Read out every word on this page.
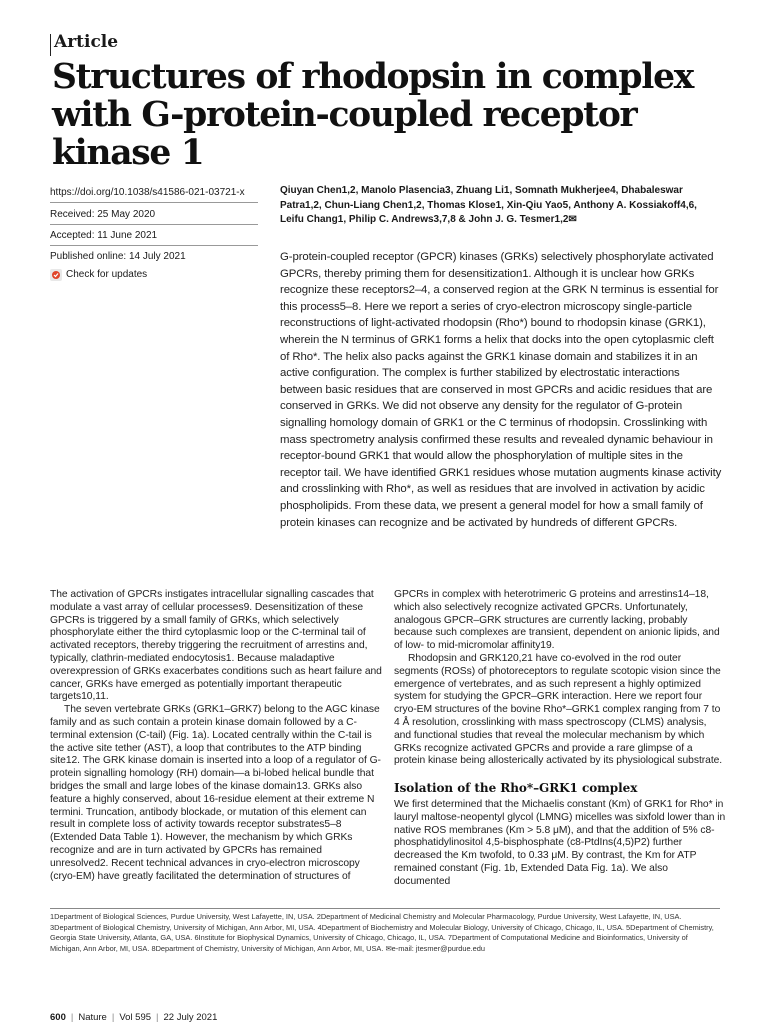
Article
Structures of rhodopsin in complex with G-protein-coupled receptor kinase 1
https://doi.org/10.1038/s41586-021-03721-x
Received: 25 May 2020
Accepted: 11 June 2021
Published online: 14 July 2021
Check for updates

Qiuyan Chen1,2, Manolo Plasencia3, Zhuang Li1, Somnath Mukherjee4, Dhabaleswar Patra1,2, Chun-Liang Chen1,2, Thomas Klose1, Xin-Qiu Yao5, Anthony A. Kossiakoff4,6, Leifu Chang1, Philip C. Andrews3,7,8 & John J. G. Tesmer1,2✉

G-protein-coupled receptor (GPCR) kinases (GRKs) selectively phosphorylate activated GPCRs, thereby priming them for desensitization1. Although it is unclear how GRKs recognize these receptors2–4, a conserved region at the GRK N terminus is essential for this process5–8. Here we report a series of cryo-electron microscopy single-particle reconstructions of light-activated rhodopsin (Rho*) bound to rhodopsin kinase (GRK1), wherein the N terminus of GRK1 forms a helix that docks into the open cytoplasmic cleft of Rho*. The helix also packs against the GRK1 kinase domain and stabilizes it in an active configuration. The complex is further stabilized by electrostatic interactions between basic residues that are conserved in most GPCRs and acidic residues that are conserved in GRKs. We did not observe any density for the regulator of G-protein signalling homology domain of GRK1 or the C terminus of rhodopsin. Crosslinking with mass spectrometry analysis confirmed these results and revealed dynamic behaviour in receptor-bound GRK1 that would allow the phosphorylation of multiple sites in the receptor tail. We have identified GRK1 residues whose mutation augments kinase activity and crosslinking with Rho*, as well as residues that are involved in activation by acidic phospholipids. From these data, we present a general model for how a small family of protein kinases can recognize and be activated by hundreds of different GPCRs.

The activation of GPCRs instigates intracellular signalling cascades that modulate a vast array of cellular processes9. Desensitization of these GPCRs is triggered by a small family of GRKs, which selectively phosphorylate either the third cytoplasmic loop or the C-terminal tail of activated receptors, thereby triggering the recruitment of arrestins and, typically, clathrin-mediated endocytosis1. Because maladaptive overexpression of GRKs exacerbates conditions such as heart failure and cancer, GRKs have emerged as potentially important therapeutic targets10,11.

The seven vertebrate GRKs (GRK1–GRK7) belong to the AGC kinase family and as such contain a protein kinase domain followed by a C-terminal extension (C-tail) (Fig. 1a). Located centrally within the C-tail is the active site tether (AST), a loop that contributes to the ATP binding site12. The GRK kinase domain is inserted into a loop of a regulator of G-protein signalling homology (RH) domain—a bi-lobed helical bundle that bridges the small and large lobes of the kinase domain13. GRKs also feature a highly conserved, about 16-residue element at their extreme N termini. Truncation, antibody blockade, or mutation of this element can result in complete loss of activity towards receptor substrates5–8 (Extended Data Table 1). However, the mechanism by which GRKs recognize and are in turn activated by GPCRs has remained unresolved2. Recent technical advances in cryo-electron microscopy (cryo-EM) have greatly facilitated the determination of structures of

GPCRs in complex with heterotrimeric G proteins and arrestins14–18, which also selectively recognize activated GPCRs. Unfortunately, analogous GPCR–GRK structures are currently lacking, probably because such complexes are transient, dependent on anionic lipids, and of low- to mid-micromolar affinity19.

Rhodopsin and GRK120,21 have co-evolved in the rod outer segments (ROSs) of photoreceptors to regulate scotopic vision since the emergence of vertebrates, and as such represent a highly optimized system for studying the GPCR–GRK interaction. Here we report four cryo-EM structures of the bovine Rho*–GRK1 complex ranging from 7 to 4 Å resolution, crosslinking with mass spectroscopy (CLMS) analysis, and functional studies that reveal the molecular mechanism by which GRKs recognize activated GPCRs and provide a rare glimpse of a protein kinase being allosterically activated by its physiological substrate.

Isolation of the Rho*–GRK1 complex

We first determined that the Michaelis constant (Km) of GRK1 for Rho* in lauryl maltose-neopentyl glycol (LMNG) micelles was sixfold lower than in native ROS membranes (Km > 5.8 μM), and that the addition of 5% c8- phosphatidylinositol 4,5-bisphosphate (c8-PtdIns(4,5)P2) further decreased the Km twofold, to 0.33 μM. By contrast, the Km for ATP remained constant (Fig. 1b, Extended Data Fig. 1a). We also documented

1Department of Biological Sciences, Purdue University, West Lafayette, IN, USA. 2Department of Medicinal Chemistry and Molecular Pharmacology, Purdue University, West Lafayette, IN, USA. 3Department of Biological Chemistry, University of Michigan, Ann Arbor, MI, USA. 4Department of Biochemistry and Molecular Biology, University of Chicago, Chicago, IL, USA. 5Department of Chemistry, Georgia State University, Atlanta, GA, USA. 6Institute for Biophysical Dynamics, University of Chicago, Chicago, IL, USA. 7Department of Computational Medicine and Bioinformatics, University of Michigan, Ann Arbor, MI, USA. 8Department of Chemistry, University of Michigan, Ann Arbor, MI, USA. ✉e-mail: jtesmer@purdue.edu

600 | Nature | Vol 595 | 22 July 2021
